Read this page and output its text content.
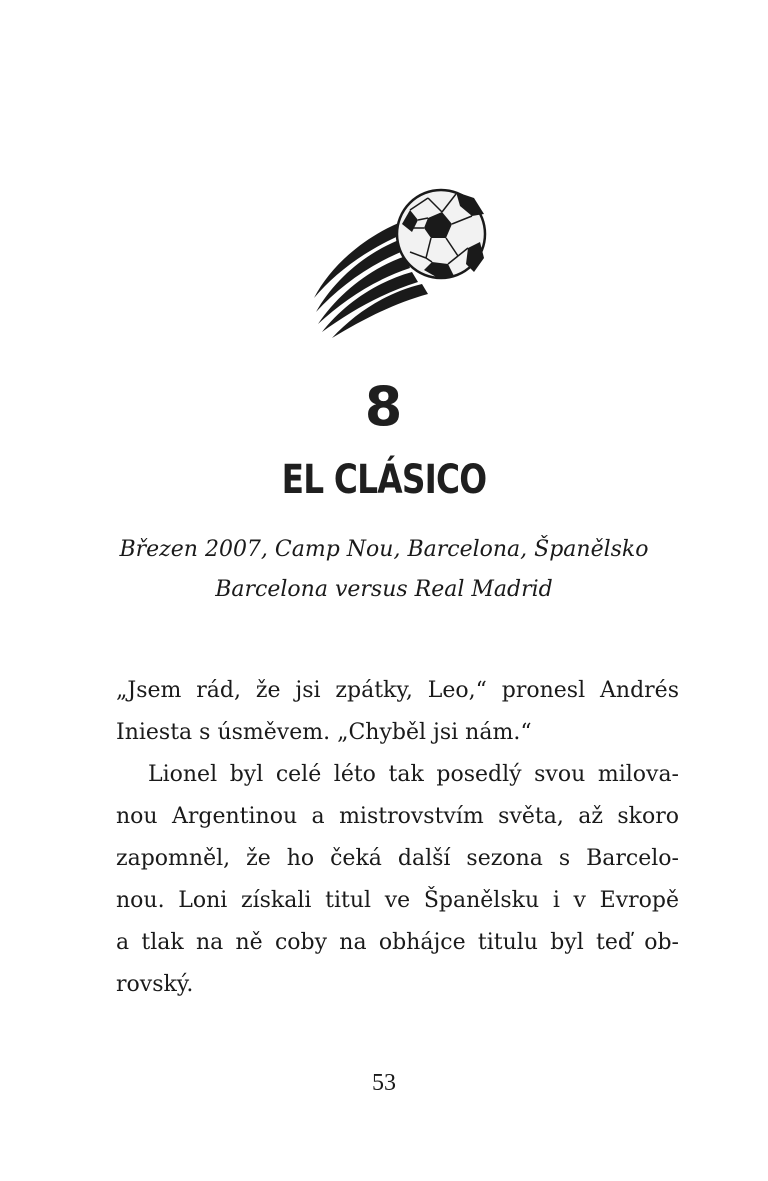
8
EL CLÁSICO
Březen 2007, Camp Nou, Barcelona, Španělsko
Barcelona versus Real Madrid

„Jsem rád, že jsi zpátky, Leo,“ pronesl Andrés
Iniesta s úsměvem. „Chyběl jsi nám.“

Lionel byl celé léto tak posedlý svou milova-
nou Argentinou a mistrovstvím světa, až skoro
zapomněl, že ho čeká další sezona s Barcelo-
nou. Loni získali titul ve Španělsku i v Evropě
a tlak na ně coby na obhájce titulu byl teď ob-
rovský.

53
